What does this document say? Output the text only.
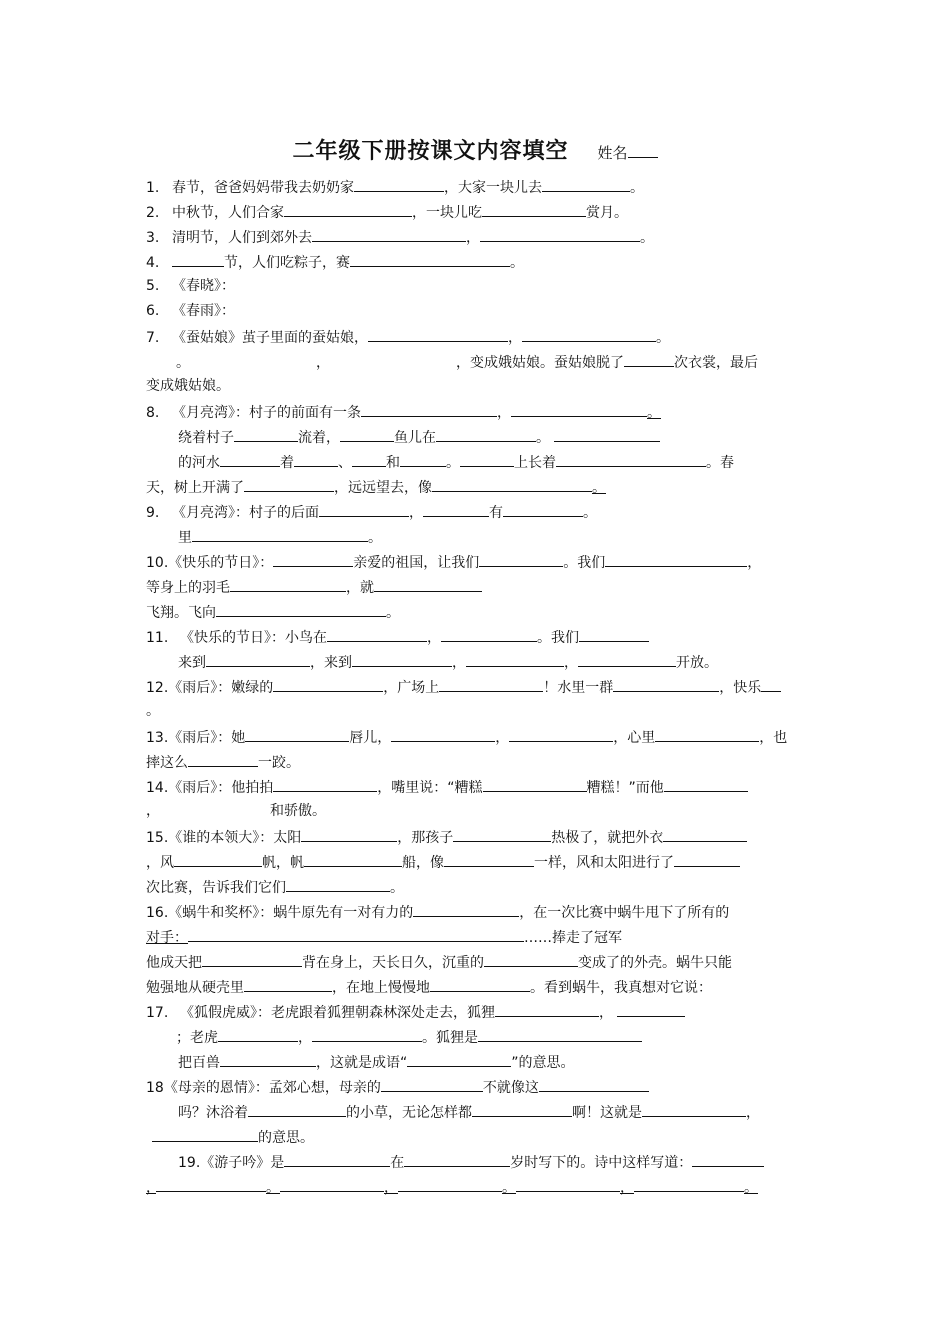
二年级下册按课文内容填空 姓名
1. 春节，爸爸妈妈带我去奶奶家	，大家一块儿去	。
2. 中秋节，人们合家	，一块儿吃	赏月。
3. 清明节，人们到郊外去	，	。
4.	节，人们吃粽子，赛	。
5. 《春晓》：
6. 《春雨》：
7. 《蚕姑娘》茧子里面的蚕姑娘，	，	。
。	，	，变成娥姑娘。蚕姑娘脱了	次衣裳，最后
变成娥姑娘。
8. 《月亮湾》：村子的前面有一条	，	。
绕着村子	流着，	鱼儿在	。
的河水	着	、 和	。	上长着	。春
天，树上开满了	，远远望去，像	。
9. 《月亮湾》：村子的后面	，	有	。
里	。
10.《快乐的节日》：	亲爱的祖国，让我们	。我们	，
等身上的羽毛	，就
飞翔。飞向	。
11. 《快乐的节日》：小鸟在	，	。我们
来到	，来到	，	，	开放。
12.《雨后》：嫩绿的	，广场上	！水里一群	，快乐
。
13.《雨后》：她	唇儿，	，	，心里	，也
摔这么	一跤。
14.《雨后》：他拍拍	，嘴里说：“糟糕	糟糕！”而他
，	和骄傲。
15.《谁的本领大》：太阳	，那孩子	热极了，就把外衣
，风	帆，帆	船，像	一样，风和太阳进行了
次比赛，告诉我们它们	。
16.《蜗牛和奖杯》：蜗牛原先有一对有力的	，在一次比赛中蜗牛甩下了所有的
对手：	……捧走了冠军
他成天把	背在身上，天长日久，沉重的	变成了的外壳。蜗牛只能
勉强地从硬壳里	，在地上慢慢地	。看到蜗牛，我真想对它说：
17. 《狐假虎威》：老虎跟着狐狸朝森林深处走去，狐狸	，
；老虎	，	。狐狸是
把百兽	，这就是成语“	”的意思。
18《母亲的恩情》：孟郊心想，母亲的	不就像这
吗？沐浴着	的小草，无论怎样都	啊！这就是	，
的意思。
19.《游子吟》是	在	岁时写下的。诗中这样写道：
，	。	，	。	，	。
